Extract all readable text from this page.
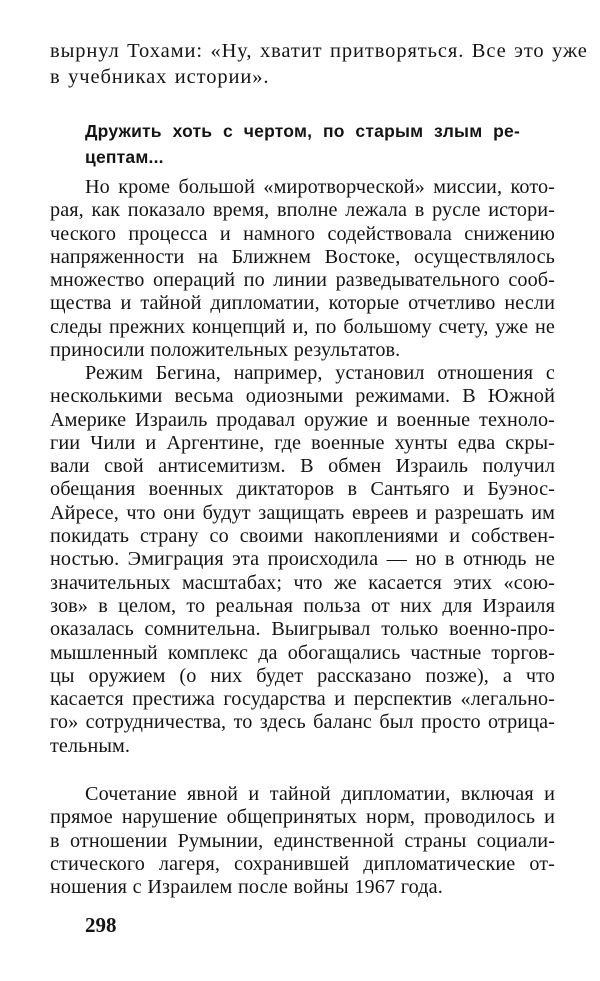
вырнул Тохами: «Ну, хватит притворяться. Все это уже
в учебниках истории».
Дружить хоть с чертом, по старым злым ре-
цептам...
Но кроме большой «миротворческой» миссии, кото-
рая, как показало время, вполне лежала в русле истори-
ческого процесса и намного содействовала снижению
напряженности на Ближнем Востоке, осуществлялось
множество операций по линии разведывательного сооб-
щества и тайной дипломатии, которые отчетливо несли
следы прежних концепций и, по большому счету, уже не
приносили положительных результатов.
Режим Бегина, например, установил отношения с
несколькими весьма одиозными режимами. В Южной
Америке Израиль продавал оружие и военные техноло-
гии Чили и Аргентине, где военные хунты едва скры-
вали свой антисемитизм. В обмен Израиль получил
обещания военных диктаторов в Сантьяго и Буэнос-
Айресе, что они будут защищать евреев и разрешать им
покидать страну со своими накоплениями и собствен-
ностью. Эмиграция эта происходила — но в отнюдь не
значительных масштабах; что же касается этих «сою-
зов» в целом, то реальная польза от них для Израиля
оказалась сомнительна. Выигрывал только военно-про-
мышленный комплекс да обогащались частные торгов-
цы оружием (о них будет рассказано позже), а что
касается престижа государства и перспектив «легально-
го» сотрудничества, то здесь баланс был просто отрица-
тельным.
Сочетание явной и тайной дипломатии, включая и
прямое нарушение общепринятых норм, проводилось и
в отношении Румынии, единственной страны социали-
стического лагеря, сохранившей дипломатические от-
ношения с Израилем после войны 1967 года.

298
